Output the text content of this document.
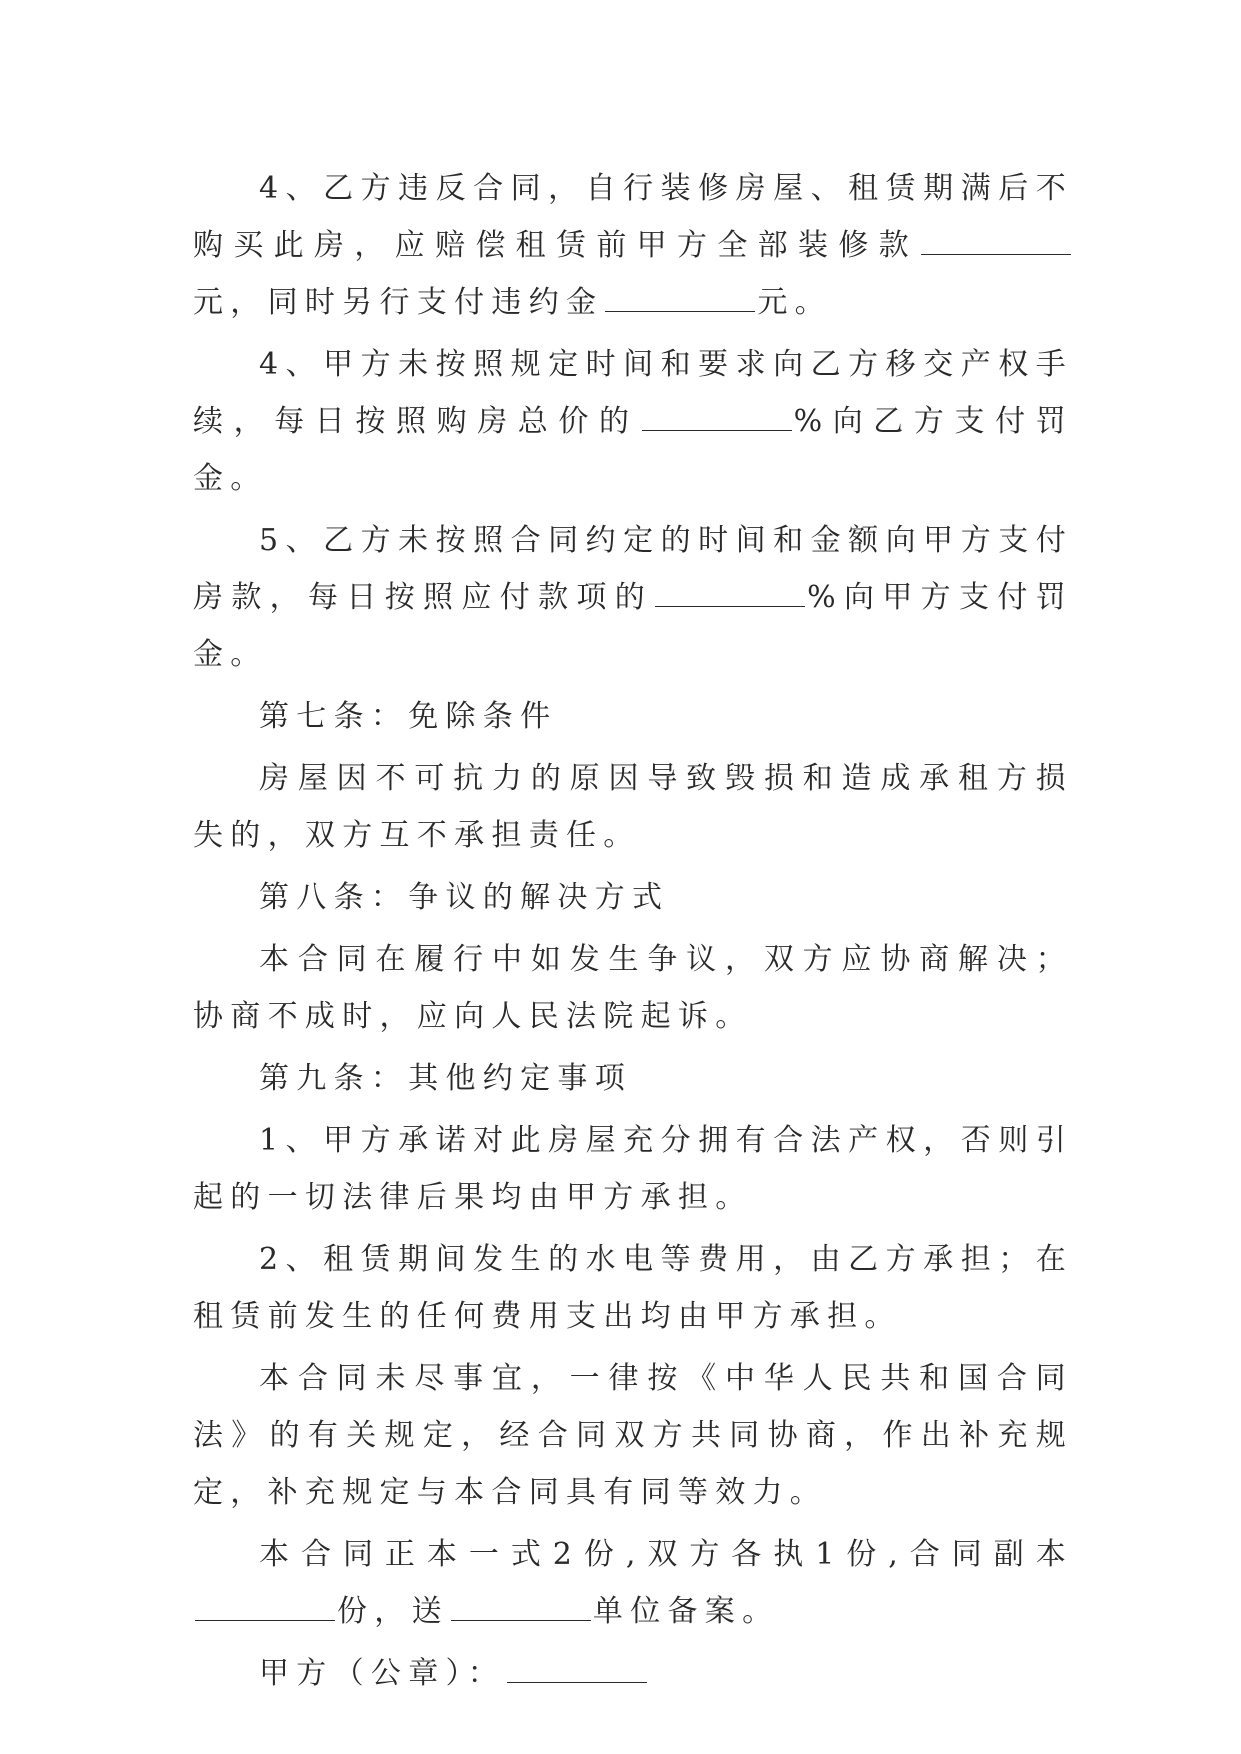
4、乙方违反合同，自行装修房屋、租赁期满后不购买此房，应赔偿租赁前甲方全部装修款元，同时另行支付违约金	元。

4、甲方未按照规定时间和要求向乙方移交产权手续，每日按照购房总价的	%向乙方支付罚金。

5、乙方未按照合同约定的时间和金额向甲方支付房款，每日按照应付款项的	%向甲方支付罚金。

第七条：免除条件

房屋因不可抗力的原因导致毁损和造成承租方损失的，双方互不承担责任。

第八条：争议的解决方式

本合同在履行中如发生争议，双方应协商解决；协商不成时，应向人民法院起诉。

第九条：其他约定事项

1、甲方承诺对此房屋充分拥有合法产权，否则引起的一切法律后果均由甲方承担。

2、租赁期间发生的水电等费用，由乙方承担；在租赁前发生的任何费用支出均由甲方承担。

本合同未尽事宜，一律按《中华人民共和国合同法》的有关规定，经合同双方共同协商，作出补充规定，补充规定与本合同具有同等效力。

本合同正本一式2份,双方各执1份,合同副本份，送	单位备案。

甲方（公章）：
